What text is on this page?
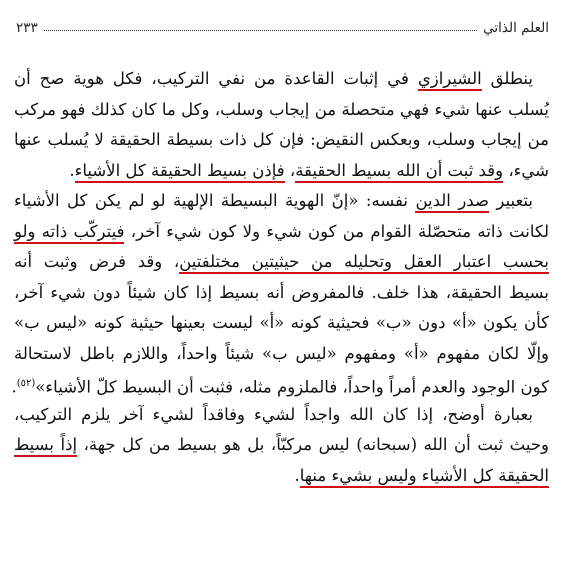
٢٣٣	العلم الذاتي
ينطلق الشيرازي في إثبات القاعدة من نفي التركيب، فكل هوية صح أن
يُسلب عنها شيء فهي متحصلة من إيجاب وسلب، وكل ما كان كذلك فهو مركب
من إيجاب وسلب، وبعكس النقيض: فإن كل ذات بسيطة الحقيقة لا يُسلب عنها
شيء، وقد ثبت أن الله بسيط الحقيقة، فإذن بسيط الحقيقة كل الأشياء.
بتعبير صدر الدين نفسه: «إنّ الهوية البسيطة الإلهية لو لم يكن كل الأشياء
لكانت ذاته متحصّلة القوام من كون شيء ولا كون شيء آخر، فيتركّب ذاته ولو
بحسب اعتبار العقل وتحليله من حيثيتين مختلفتين، وقد فرض وثبت أنه
بسيط الحقيقة، هذا خلف. فالمفروض أنه بسيط إذا كان شيئاً دون شيء آخر،
كأن يكون «أ» دون «ب» فحيثية كونه «أ» ليست بعينها حيثية كونه «ليس ب»
وإلّا لكان مفهوم «أ» ومفهوم «ليس ب» شيئاً واحداً، واللازم باطل لاستحالة
كون الوجود والعدم أمراً واحداً، فالملزوم مثله، فثبت أن البسيط كلّ الأشياء»$^{(٥٢)}$.
بعبارة أوضح، إذا كان الله واجداً لشيء وفاقداً لشيء آخر يلزم التركيب،
وحيث ثبت أن الله (سبحانه) ليس مركبّاً، بل هو بسيط من كل جهة، إذاً بسيط
الحقيقة كل الأشياء وليس بشيء منها.
